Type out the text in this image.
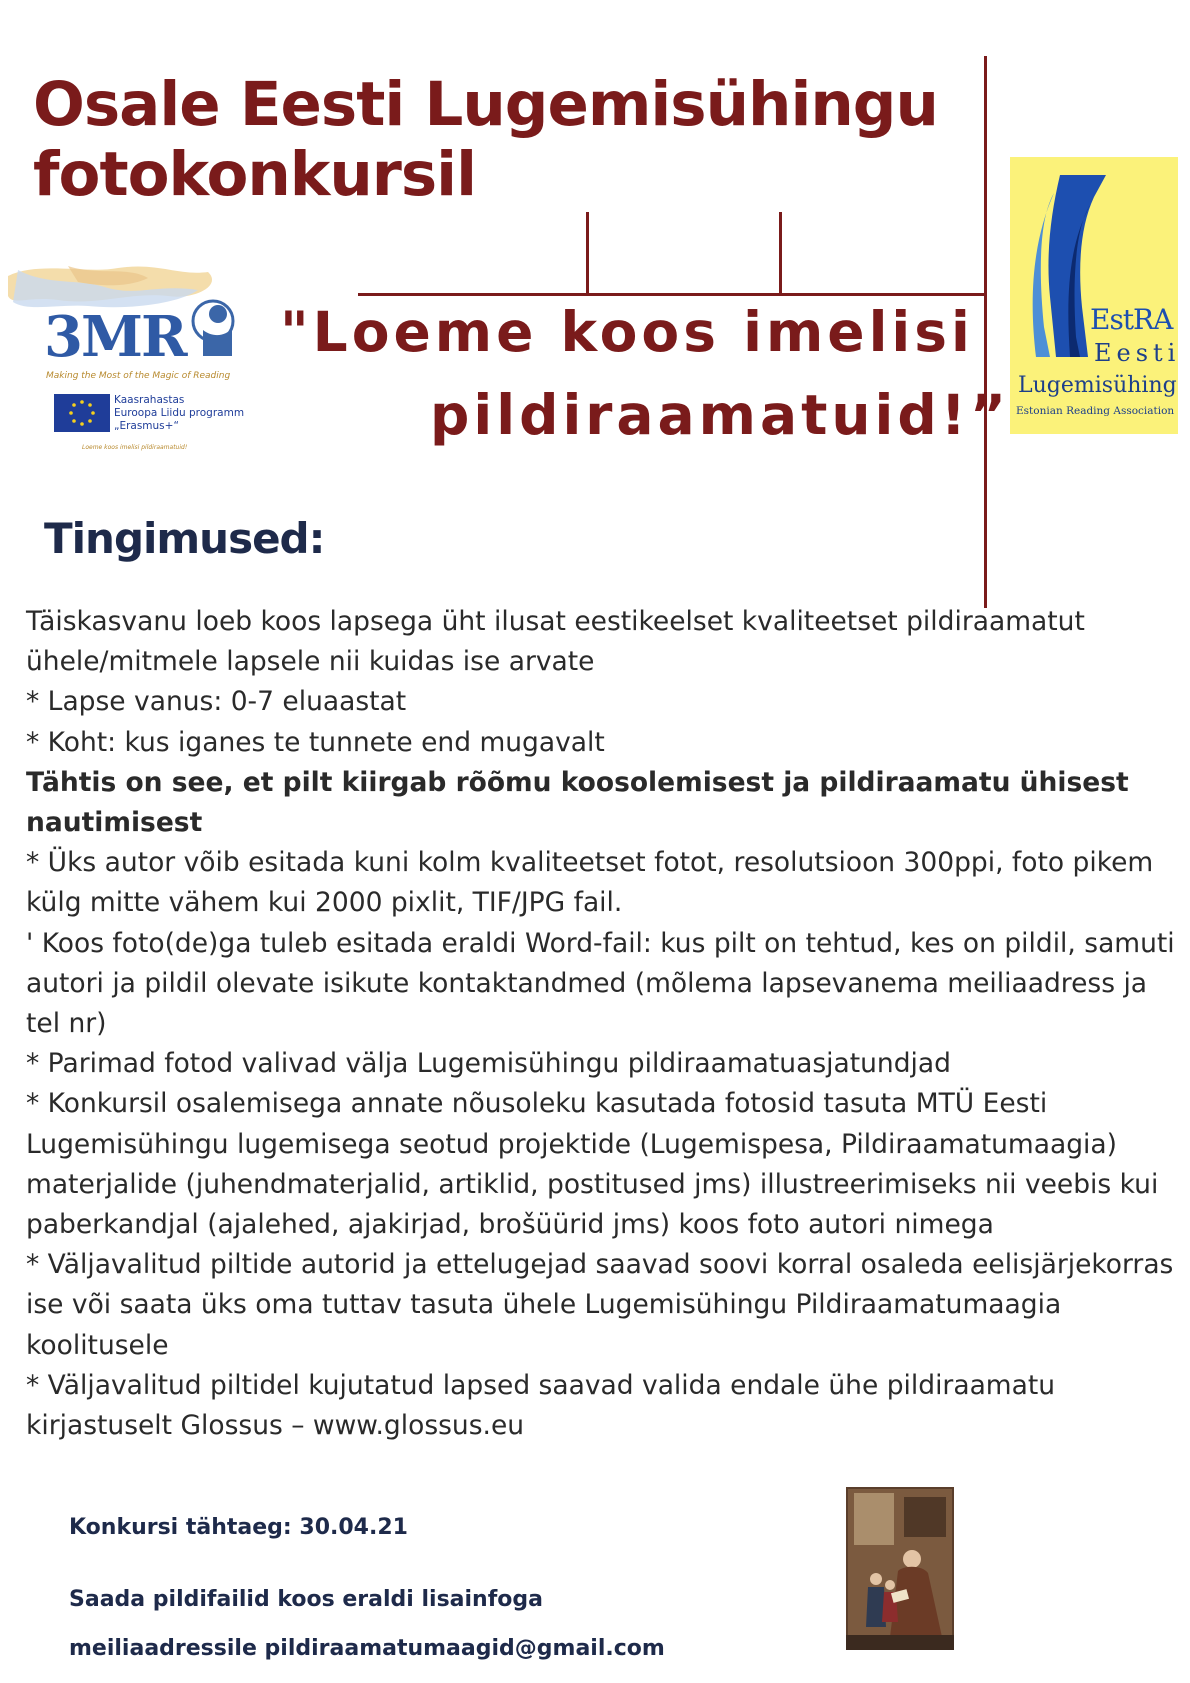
Osale Eesti Lugemisühingu
fotokonkursil
"Loeme koos imelisi
pildiraamatuid!”
3MR
Making the Most of the Magic of Reading
Kaasrahastas
Euroopa Liidu programm
„Erasmus+“
Loeme koos imelisi pildiraamatuid!
EstRA
Eesti
Lugemisühing
Estonian Reading Association
Tingimused:

Täiskasvanu loeb koos lapsega üht ilusat eestikeelset kvaliteetset pildiraamatut ühele/mitmele lapsele nii kuidas ise arvate

* Lapse vanus: 0-7 eluaastat

* Koht: kus iganes te tunnete end mugavalt

Tähtis on see, et pilt kiirgab rõõmu koosolemisest ja pildiraamatu ühisest nautimisest

* Üks autor võib esitada kuni kolm kvaliteetset fotot, resolutsioon 300ppi, foto pikem külg mitte vähem kui 2000 pixlit, TIF/JPG fail.

' Koos foto(de)ga tuleb esitada eraldi Word-fail: kus pilt on tehtud, kes on pildil, samuti autori ja pildil olevate isikute kontaktandmed (mõlema lapsevanema meiliaadress ja tel nr)

* Parimad fotod valivad välja Lugemisühingu pildiraamatuasjatundjad

* Konkursil osalemisega annate nõusoleku kasutada fotosid tasuta MTÜ Eesti Lugemisühingu lugemisega seotud projektide (Lugemispesa, Pildiraamatumaagia) materjalide (juhendmaterjalid, artiklid, postitused jms) illustreerimiseks nii veebis kui paberkandjal (ajalehed, ajakirjad, brošüürid jms) koos foto autori nimega

* Väljavalitud piltide autorid ja ettelugejad saavad soovi korral osaleda eelisjärjekorras ise või saata üks oma tuttav tasuta ühele Lugemisühingu Pildiraamatumaagia koolitusele

* Väljavalitud piltidel kujutatud lapsed saavad valida endale ühe pildiraamatu kirjastuselt Glossus – www.glossus.eu

Konkursi tähtaeg: 30.04.21
Saada pildifailid koos eraldi lisainfoga
meiliaadressile pildiraamatumaagid@gmail.com
